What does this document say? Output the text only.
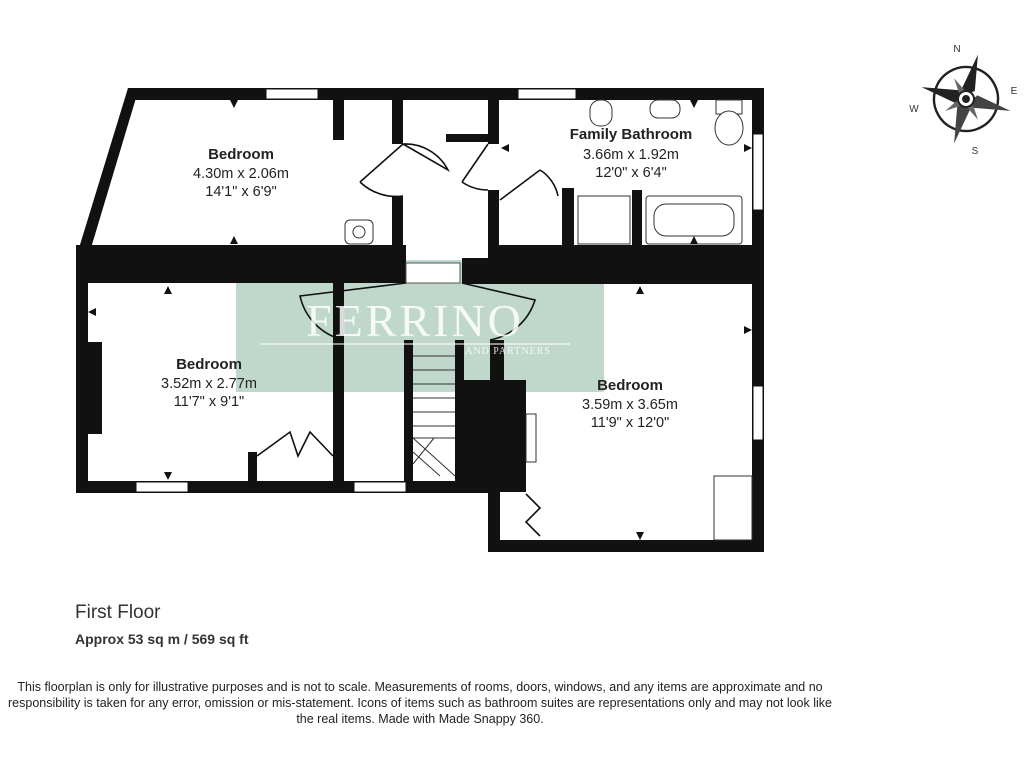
Bedroom
4.30m x 2.06m
14'1" x 6'9"
Family Bathroom
3.66m x 1.92m
12'0" x 6'4"
Bedroom
3.52m x 2.77m
11'7" x 9'1"
Bedroom
3.59m x 3.65m
11'9" x 12'0"
FERRINO
AND PARTNERS
N
E
S
W
First Floor
Approx 53 sq m / 569 sq ft
This floorplan is only for illustrative purposes and is not to scale. Measurements of rooms, doors, windows, and any items are approximate and no responsibility is taken for any error, omission or mis-statement. Icons of items such as bathroom suites are representations only and may not look like the real items. Made with Made Snappy 360.
